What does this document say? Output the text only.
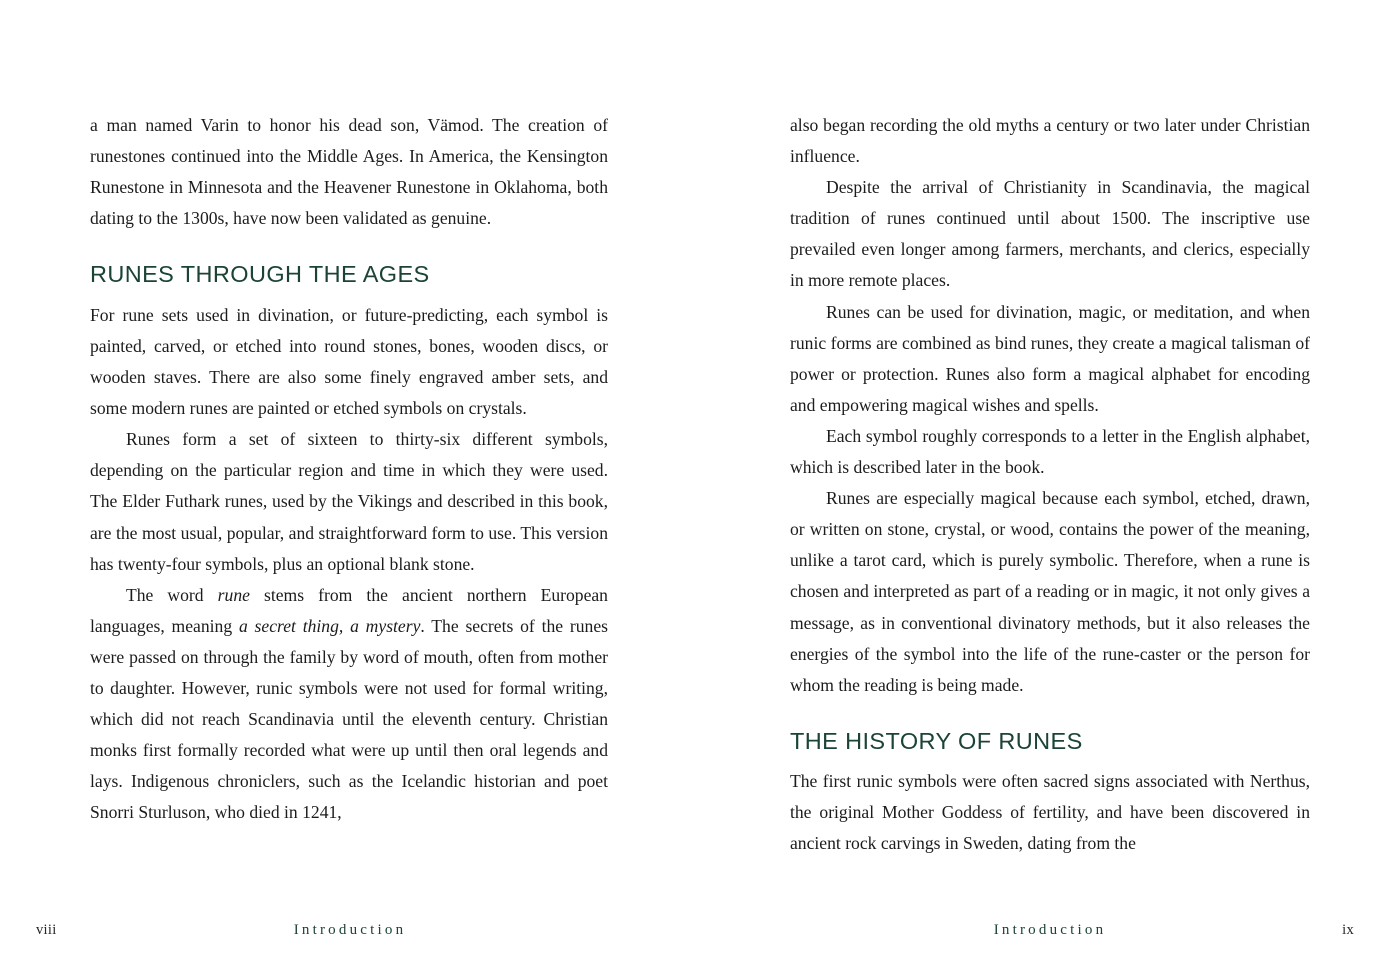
a man named Varin to honor his dead son, Vämod. The creation of runestones continued into the Middle Ages. In America, the Kensington Runestone in Minnesota and the Heavener Runestone in Oklahoma, both dating to the 1300s, have now been validated as genuine.

RUNES THROUGH THE AGES

For rune sets used in divination, or future-predicting, each symbol is painted, carved, or etched into round stones, bones, wooden discs, or wooden staves. There are also some finely engraved amber sets, and some modern runes are painted or etched symbols on crystals.

Runes form a set of sixteen to thirty-six different symbols, depending on the particular region and time in which they were used. The Elder Futhark runes, used by the Vikings and described in this book, are the most usual, popular, and straightforward form to use. This version has twenty-four symbols, plus an optional blank stone.

The word rune stems from the ancient northern European languages, meaning a secret thing, a mystery. The secrets of the runes were passed on through the family by word of mouth, often from mother to daughter. However, runic symbols were not used for formal writing, which did not reach Scandinavia until the eleventh century. Christian monks first formally recorded what were up until then oral legends and lays. Indigenous chroniclers, such as the Icelandic historian and poet Snorri Sturluson, who died in 1241,

also began recording the old myths a century or two later under Christian influence.

Despite the arrival of Christianity in Scandinavia, the magical tradition of runes continued until about 1500. The inscriptive use prevailed even longer among farmers, merchants, and clerics, especially in more remote places.

Runes can be used for divination, magic, or meditation, and when runic forms are combined as bind runes, they create a magical talisman of power or protection. Runes also form a magical alphabet for encoding and empowering magical wishes and spells.

Each symbol roughly corresponds to a letter in the English alphabet, which is described later in the book.

Runes are especially magical because each symbol, etched, drawn, or written on stone, crystal, or wood, contains the power of the meaning, unlike a tarot card, which is purely symbolic. Therefore, when a rune is chosen and interpreted as part of a reading or in magic, it not only gives a message, as in conventional divinatory methods, but it also releases the energies of the symbol into the life of the rune-caster or the person for whom the reading is being made.

THE HISTORY OF RUNES

The first runic symbols were often sacred signs associated with Nerthus, the original Mother Goddess of fertility, and have been discovered in ancient rock carvings in Sweden, dating from the

viii	Introduction	Introduction	ix
